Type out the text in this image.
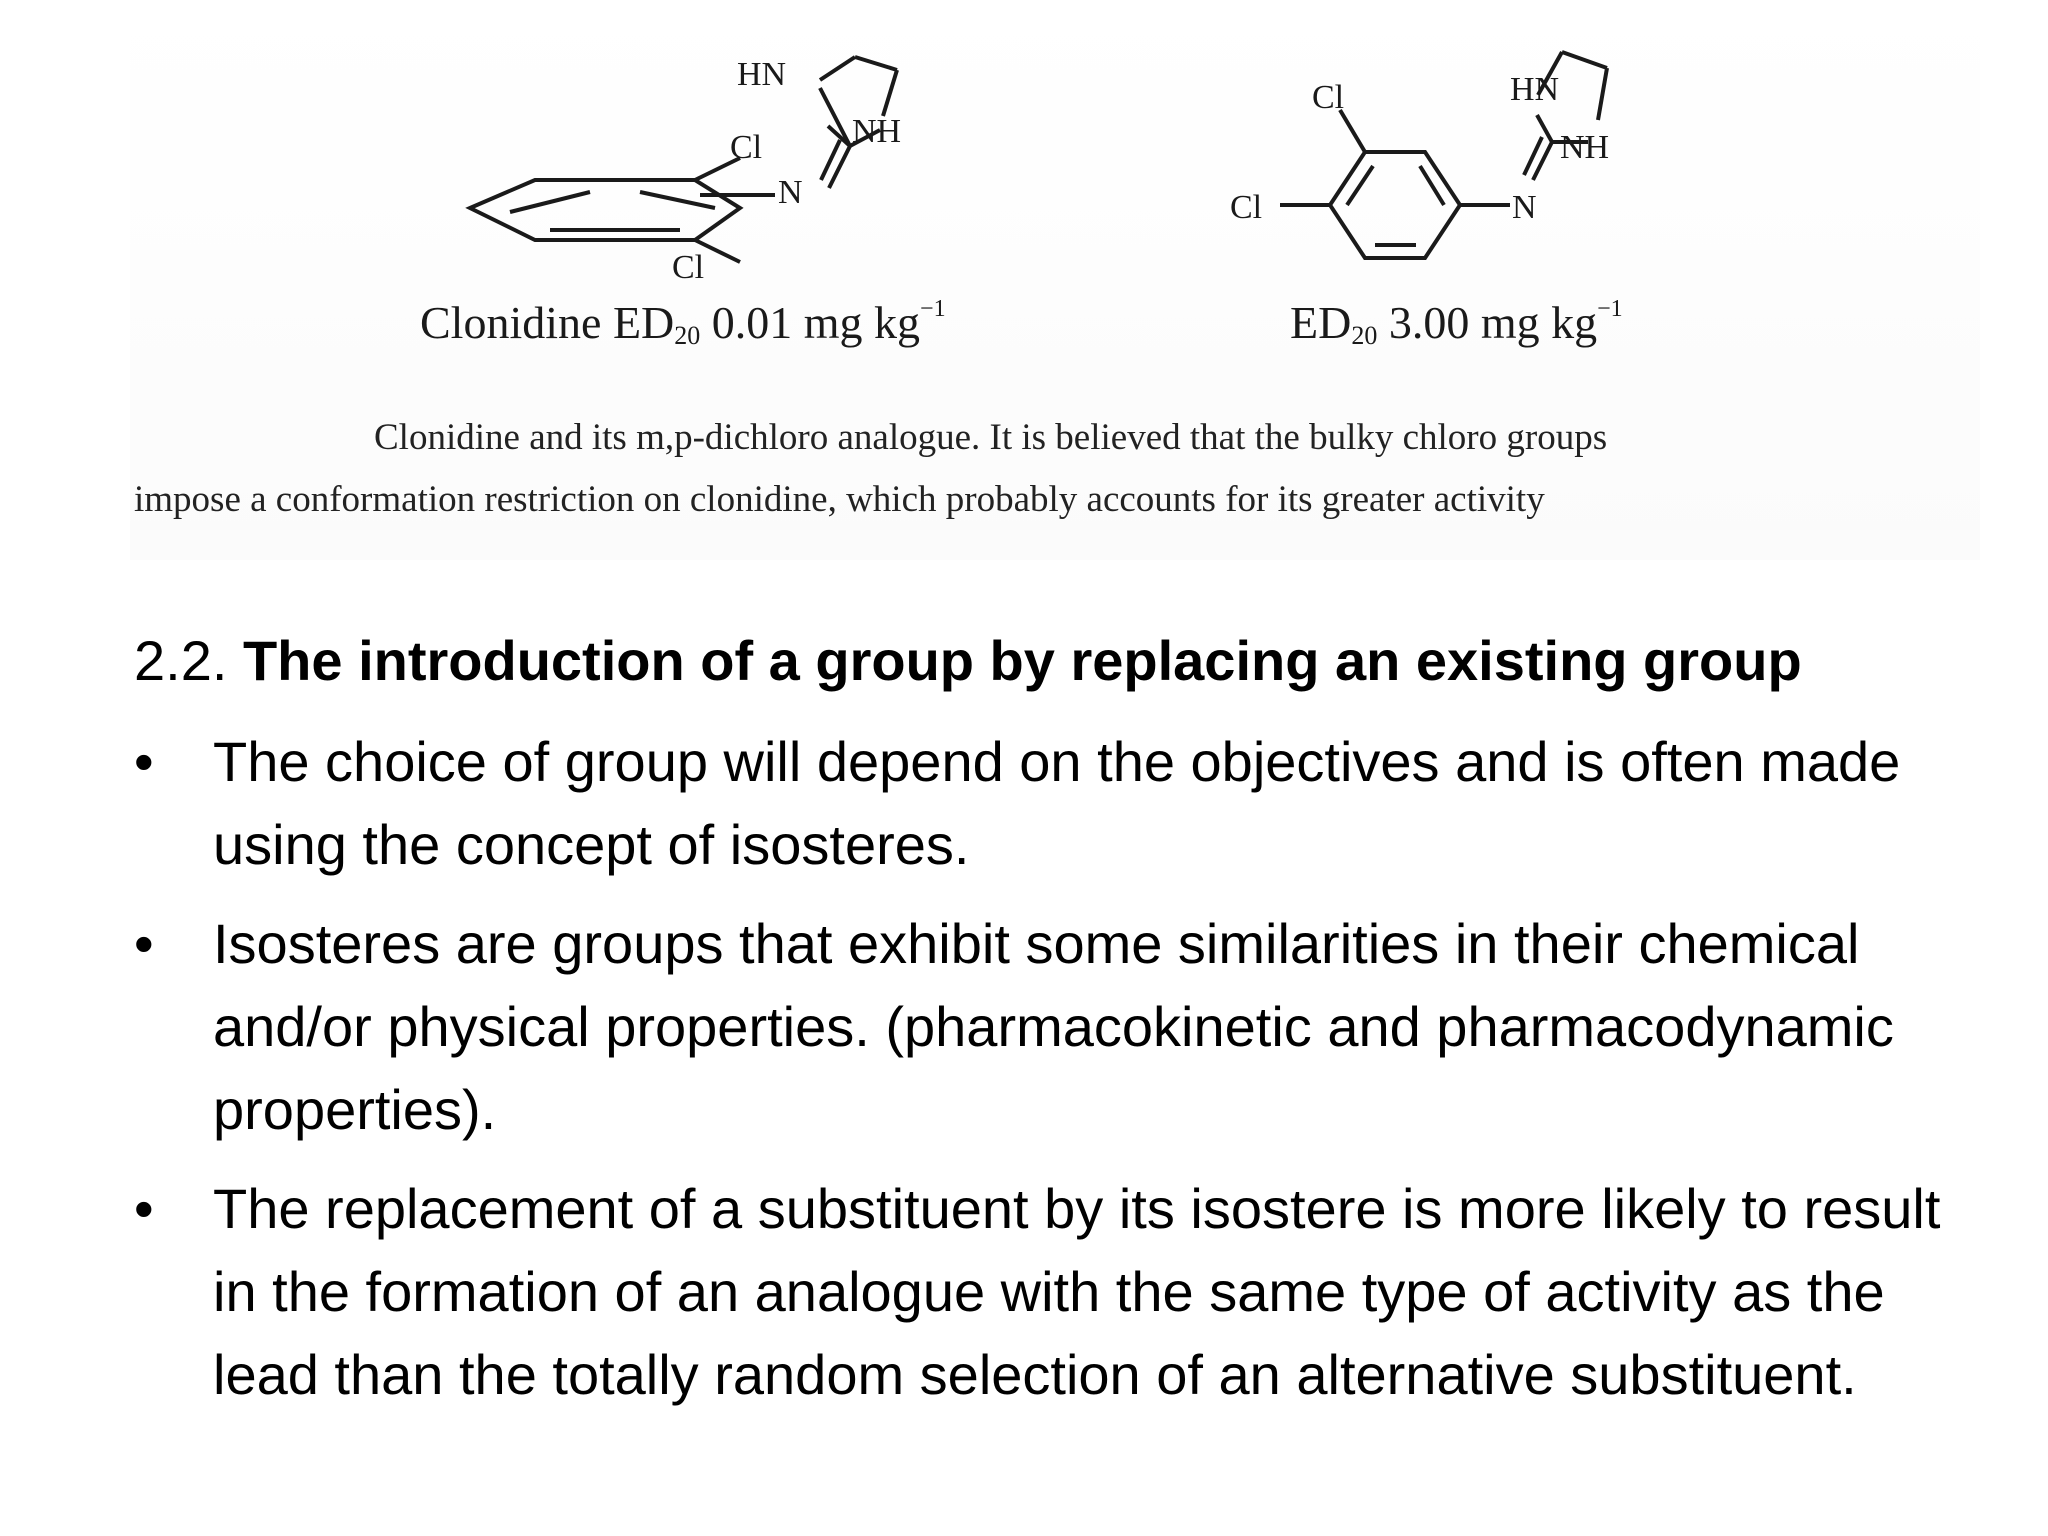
HN
NH
N
Cl
Cl
HN
NH
N
Cl
Cl
Clonidine $ED_{20}$ 0.01 mg $kg^{-1}$	$ED_{20}$ 3.00 mg $kg^{-1}$
Clonidine and its m,p-dichloro analogue. It is believed that the bulky chloro groups
impose a conformation restriction on clonidine, which probably accounts for its greater activity
2.2. The introduction of a group by replacing an existing group
• The choice of group will depend on the objectives and is often made using the concept of isosteres.
• Isosteres are groups that exhibit some similarities in their chemical and/or physical properties. (pharmacokinetic and pharmacodynamic properties).
• The replacement of a substituent by its isostere is more likely to result in the formation of an analogue with the same type of activity as the lead than the totally random selection of an alternative substituent.
